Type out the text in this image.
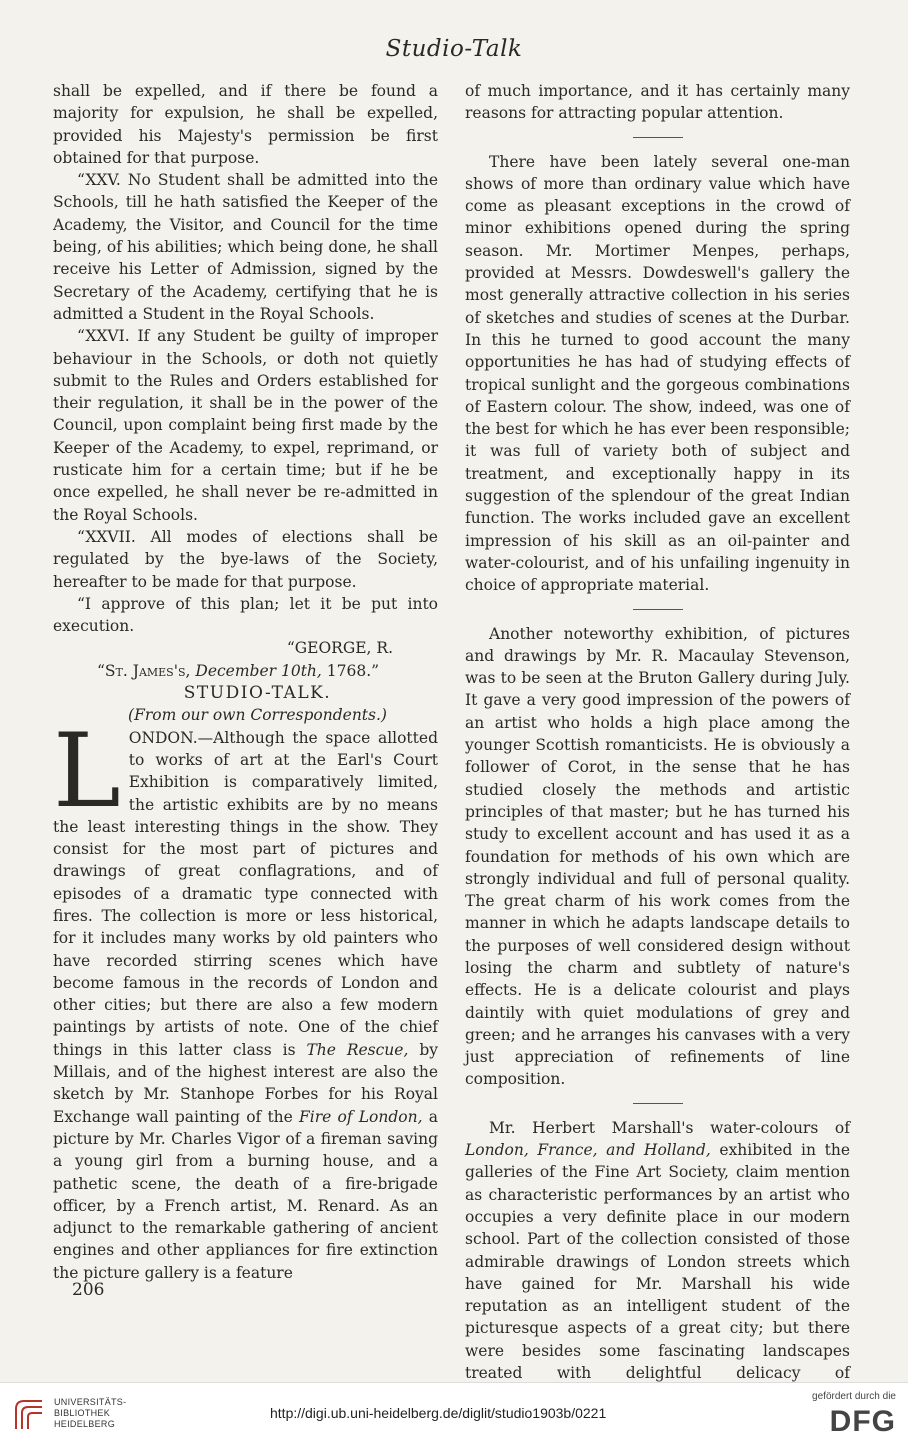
Studio-Talk

shall be expelled, and if there be found a majority for expulsion, he shall be expelled, provided his Majesty's permission be first obtained for that purpose.

“XXV. No Student shall be admitted into the Schools, till he hath satisfied the Keeper of the Academy, the Visitor, and Council for the time being, of his abilities; which being done, he shall receive his Letter of Admission, signed by the Secretary of the Academy, certifying that he is admitted a Student in the Royal Schools.

“XXVI. If any Student be guilty of improper behaviour in the Schools, or doth not quietly submit to the Rules and Orders established for their regulation, it shall be in the power of the Council, upon complaint being first made by the Keeper of the Academy, to expel, reprimand, or rusticate him for a certain time; but if he be once expelled, he shall never be re-admitted in the Royal Schools.

“XXVII. All modes of elections shall be regulated by the bye-laws of the Society, hereafter to be made for that purpose.

“I approve of this plan; let it be put into execution.

“GEORGE, R.

“St. James's, December 10th, 1768.”

STUDIO-TALK.

(From our own Correspondents.)

LONDON.—Although the space allotted to works of art at the Earl's Court Exhibition is comparatively limited, the artistic exhibits are by no means the least interesting things in the show. They consist for the most part of pictures and drawings of great conflagrations, and of episodes of a dramatic type connected with fires. The collection is more or less historical, for it includes many works by old painters who have recorded stirring scenes which have become famous in the records of London and other cities; but there are also a few modern paintings by artists of note. One of the chief things in this latter class is The Rescue, by Millais, and of the highest interest are also the sketch by Mr. Stanhope Forbes for his Royal Exchange wall painting of the Fire of London, a picture by Mr. Charles Vigor of a fireman saving a young girl from a burning house, and a pathetic scene, the death of a fire-brigade officer, by a French artist, M. Renard. As an adjunct to the remarkable gathering of ancient engines and other appliances for fire extinction the picture gallery is a feature

of much importance, and it has certainly many reasons for attracting popular attention.

There have been lately several one-man shows of more than ordinary value which have come as pleasant exceptions in the crowd of minor exhibitions opened during the spring season. Mr. Mortimer Menpes, perhaps, provided at Messrs. Dowdeswell's gallery the most generally attractive collection in his series of sketches and studies of scenes at the Durbar. In this he turned to good account the many opportunities he has had of studying effects of tropical sunlight and the gorgeous combinations of Eastern colour. The show, indeed, was one of the best for which he has ever been responsible; it was full of variety both of subject and treatment, and exceptionally happy in its suggestion of the splendour of the great Indian function. The works included gave an excellent impression of his skill as an oil-painter and water-colourist, and of his unfailing ingenuity in choice of appropriate material.

Another noteworthy exhibition, of pictures and drawings by Mr. R. Macaulay Stevenson, was to be seen at the Bruton Gallery during July. It gave a very good impression of the powers of an artist who holds a high place among the younger Scottish romanticists. He is obviously a follower of Corot, in the sense that he has studied closely the methods and artistic principles of that master; but he has turned his study to excellent account and has used it as a foundation for methods of his own which are strongly individual and full of personal quality. The great charm of his work comes from the manner in which he adapts landscape details to the purposes of well considered design without losing the charm and subtlety of nature's effects. He is a delicate colourist and plays daintily with quiet modulations of grey and green; and he arranges his canvases with a very just appreciation of refinements of line composition.

Mr. Herbert Marshall's water-colours of London, France, and Holland, exhibited in the galleries of the Fine Art Society, claim mention as characteristic performances by an artist who occupies a very definite place in our modern school. Part of the collection consisted of those admirable drawings of London streets which have gained for Mr. Marshall his wide reputation as an intelligent student of the picturesque aspects of a great city; but there were besides some fascinating landscapes treated with delightful delicacy of

206
UNIVERSITÄTS-
BIBLIOTHEK
HEIDELBERG
http://digi.ub.uni-heidelberg.de/diglit/studio1903b/0221
gefördert durch die
DFG
